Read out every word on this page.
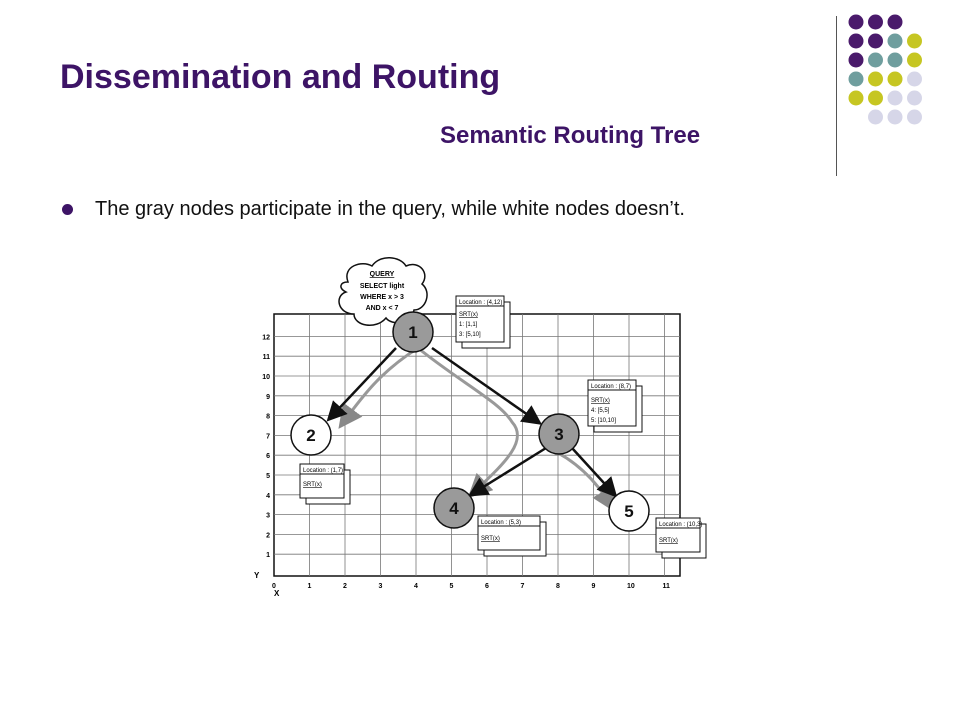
Dissemination and Routing
Semantic Routing Tree
The gray nodes participate in the query, while white nodes doesn’t.
0	1	2	3	4	5	6	7	8	9	10	11
1
2
3
4
5
6
7
8
9
10
11
12
Y
X
QUERY
SELECT light
WHERE x > 3
AND x < 7
Location : (4,12)
SRT(x)
1: [1,1]
3: [5,10]
Location : (8,7)
SRT(x)
4: [5,5]
5: [10,10]
Location : (1,7)
SRT(x)
Location : (5,3)
SRT(x)
Location : (10,3)
SRT(x)
1
2	3
4	5
